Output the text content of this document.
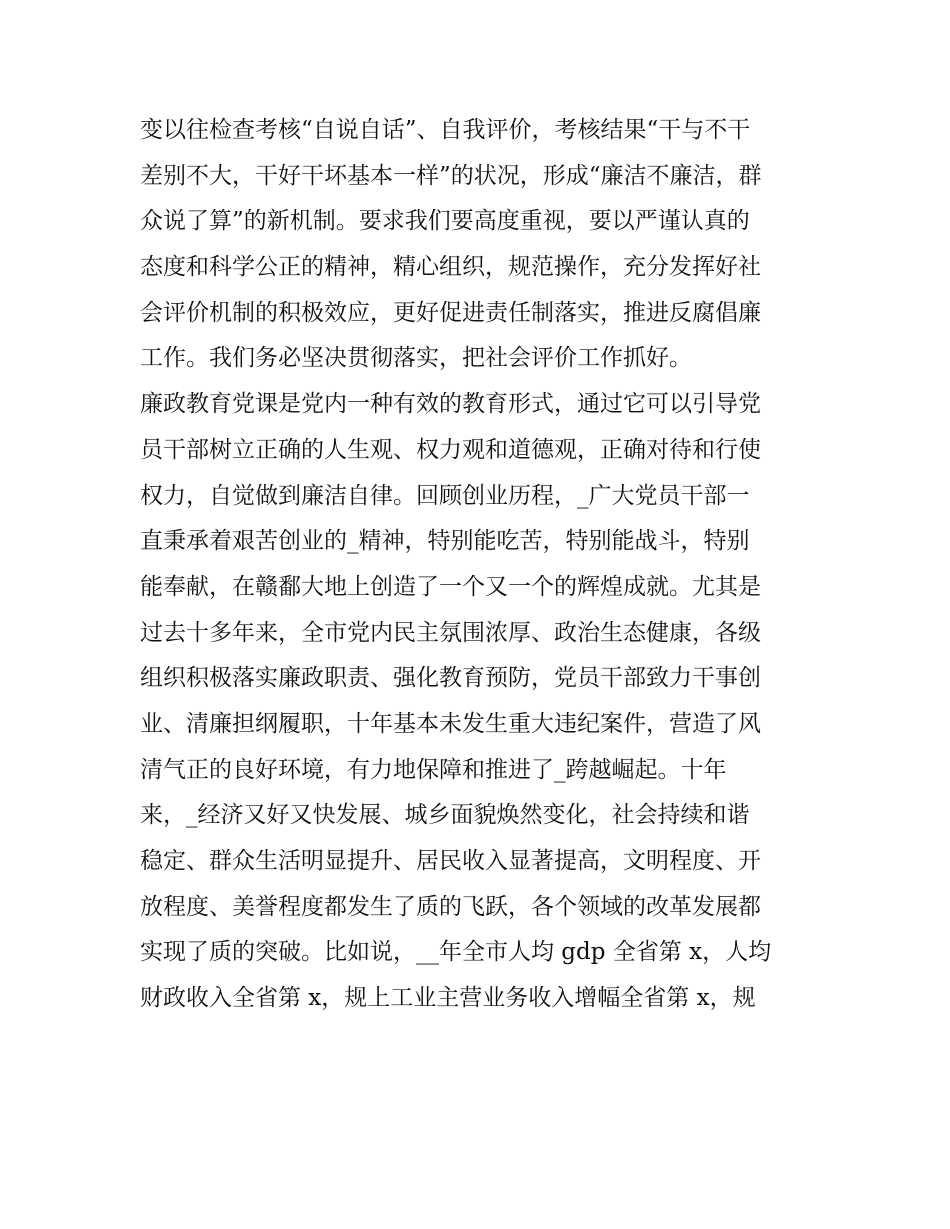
变以往检查考核“自说自话”、自我评价，考核结果“干与不干
差别不大，干好干坏基本一样”的状况，形成“廉洁不廉洁，群
众说了算”的新机制。要求我们要高度重视，要以严谨认真的
态度和科学公正的精神，精心组织，规范操作，充分发挥好社
会评价机制的积极效应，更好促进责任制落实，推进反腐倡廉
工作。我们务必坚决贯彻落实，把社会评价工作抓好。
廉政教育党课是党内一种有效的教育形式，通过它可以引导党
员干部树立正确的人生观、权力观和道德观，正确对待和行使
权力，自觉做到廉洁自律。回顾创业历程，_广大党员干部一
直秉承着艰苦创业的_精神，特别能吃苦，特别能战斗，特别
能奉献，在赣鄱大地上创造了一个又一个的辉煌成就。尤其是
过去十多年来，全市党内民主氛围浓厚、政治生态健康，各级
组织积极落实廉政职责、强化教育预防，党员干部致力干事创
业、清廉担纲履职，十年基本未发生重大违纪案件，营造了风
清气正的良好环境，有力地保障和推进了_跨越崛起。十年
来，_经济又好又快发展、城乡面貌焕然变化，社会持续和谐
稳定、群众生活明显提升、居民收入显著提高，文明程度、开
放程度、美誉程度都发生了质的飞跃，各个领域的改革发展都
实现了质的突破。比如说，__年全市人均 gdp 全省第 x，人均
财政收入全省第 x，规上工业主营业务收入增幅全省第 x，规
